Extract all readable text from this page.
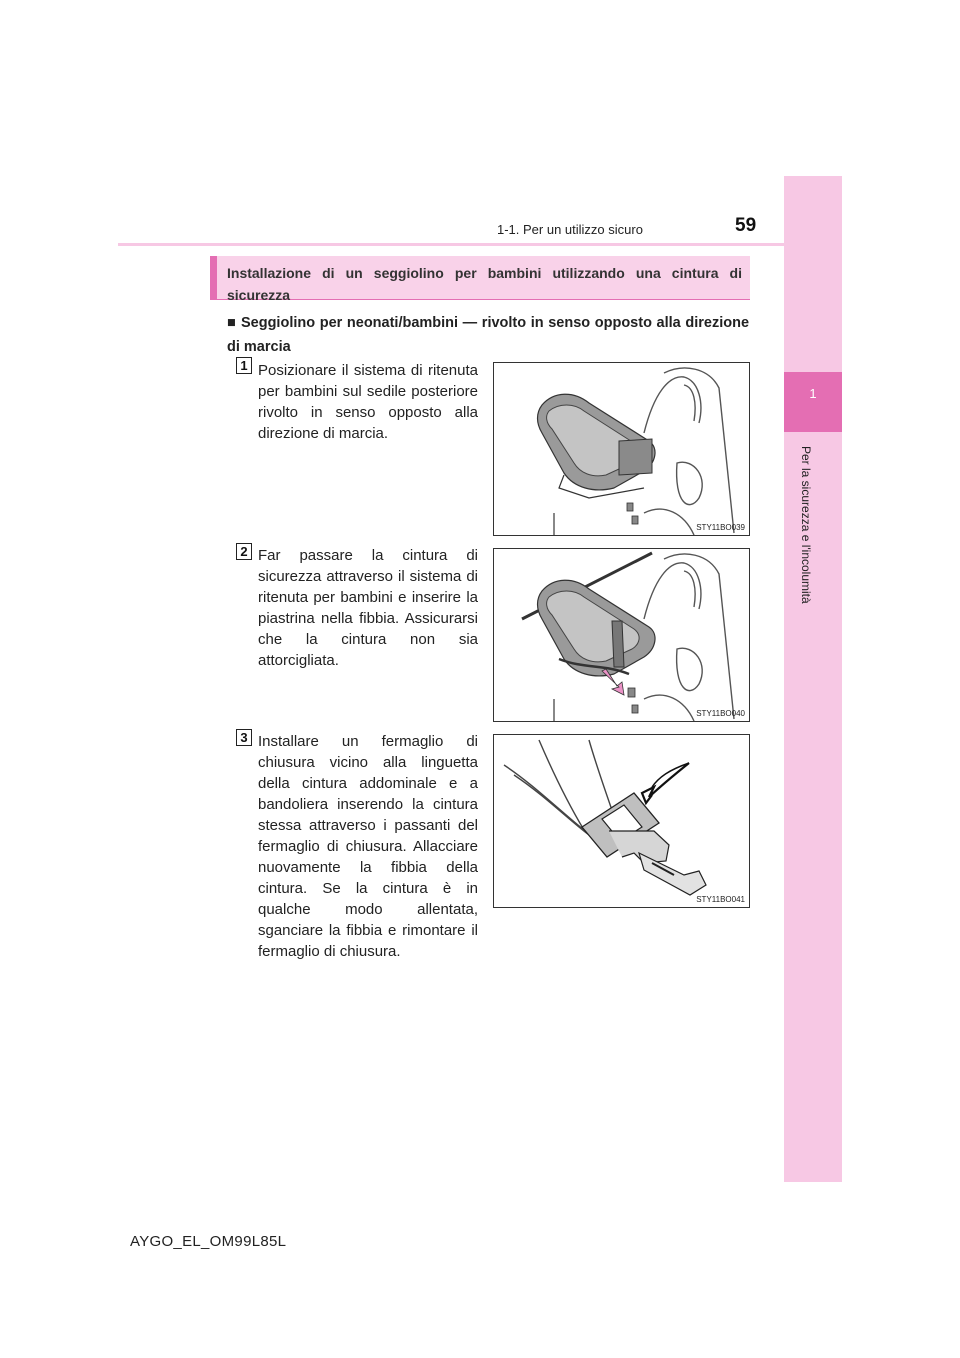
1-1. Per un utilizzo sicuro	59
1
Per la sicurezza e l'incolumità
Installazione di un seggiolino per bambini utilizzando una cintura di sicurezza
■ Seggiolino per neonati/bambini — rivolto in senso opposto alla direzione di marcia
1 Posizionare il sistema di ritenuta per bambini sul sedile posteriore rivolto in senso opposto alla direzione di marcia.
STY11BO039
2 Far passare la cintura di sicurezza attraverso il sistema di ritenuta per bambini e inserire la piastrina nella fibbia. Assicurarsi che la cintura non sia attorcigliata.
STY11BO040
3 Installare un fermaglio di chiusura vicino alla linguetta della cintura addominale e a bandoliera inserendo la cintura stessa attraverso i passanti del fermaglio di chiusura. Allacciare nuovamente la fibbia della cintura. Se la cintura è in qualche modo allentata, sganciare la fibbia e rimontare il fermaglio di chiusura.
STY11BO041
AYGO_EL_OM99L85L
